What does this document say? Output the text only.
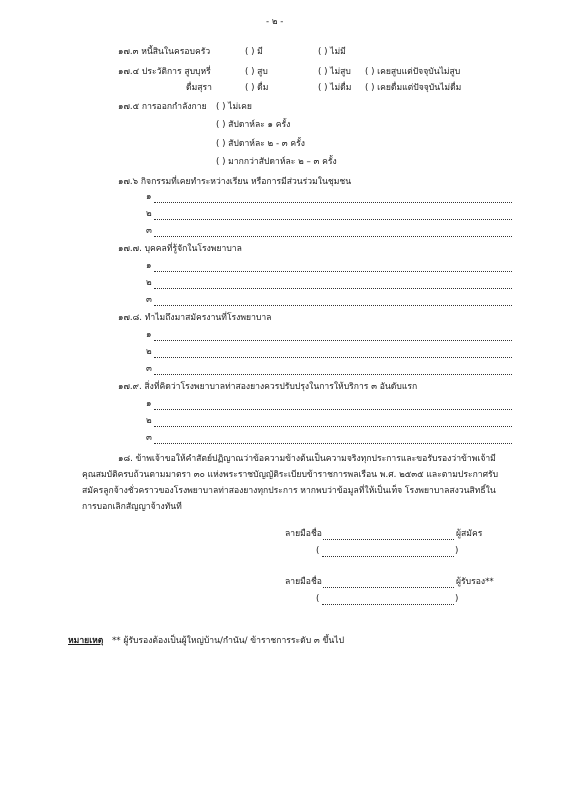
- ๒ -
๑๗.๓ หนี้สินในครอบครัว	( ) มี	( ) ไม่มี
๑๗.๔ ประวัติการ สูบบุหรี่	( ) สูบ	( ) ไม่สูบ ( ) เคยสูบแต่ปัจจุบันไม่สูบ
ดื่มสุรา	( ) ดื่ม	( ) ไม่ดื่ม ( ) เคยดื่มแต่ปัจจุบันไม่ดื่ม
๑๗.๕ การออกกำลังกาย ( ) ไม่เคย
( ) สัปดาห์ละ ๑ ครั้ง
( ) สัปดาห์ละ ๒ - ๓ ครั้ง
( ) มากกว่าสัปดาห์ละ ๒ – ๓ ครั้ง
๑๗.๖ กิจกรรมที่เคยทำระหว่างเรียน หรือการมีส่วนร่วมในชุมชน
๑
๒
๓
๑๗.๗. บุคคลที่รู้จักในโรงพยาบาล
๑
๒
๓
๑๗.๘. ทำไมถึงมาสมัครงานที่โรงพยาบาล
๑
๒
๓
๑๗.๙. สิ่งที่คิดว่าโรงพยาบาลท่าสองยางควรปรับปรุงในการให้บริการ ๓ อันดับแรก
๑
๒
๓
๑๘. ข้าพเจ้าขอให้คำสัตย์ปฏิญาณว่าข้อความข้างต้นเป็นความจริงทุกประการและขอรับรองว่าข้าพเจ้ามี
คุณสมบัติครบถ้วนตามมาตรา ๓๐ แห่งพระราชบัญญัติระเบียบข้าราชการพลเรือน พ.ศ. ๒๕๓๕ และตามประกาศรับ
สมัครลูกจ้างชั่วคราวของโรงพยาบาลท่าสองยางทุกประการ หากพบว่าข้อมูลที่ให้เป็นเท็จ โรงพยาบาลสงวนสิทธิ์ใน
การบอกเลิกสัญญาจ้างทันที
ลายมือชื่อ	ผู้สมัคร
(	)
ลายมือชื่อ	ผู้รับรอง**
(	)
หมายเหตุ ** ผู้รับรองต้องเป็นผู้ใหญ่บ้าน/กำนัน/ ข้าราชการระดับ ๓ ขึ้นไป
